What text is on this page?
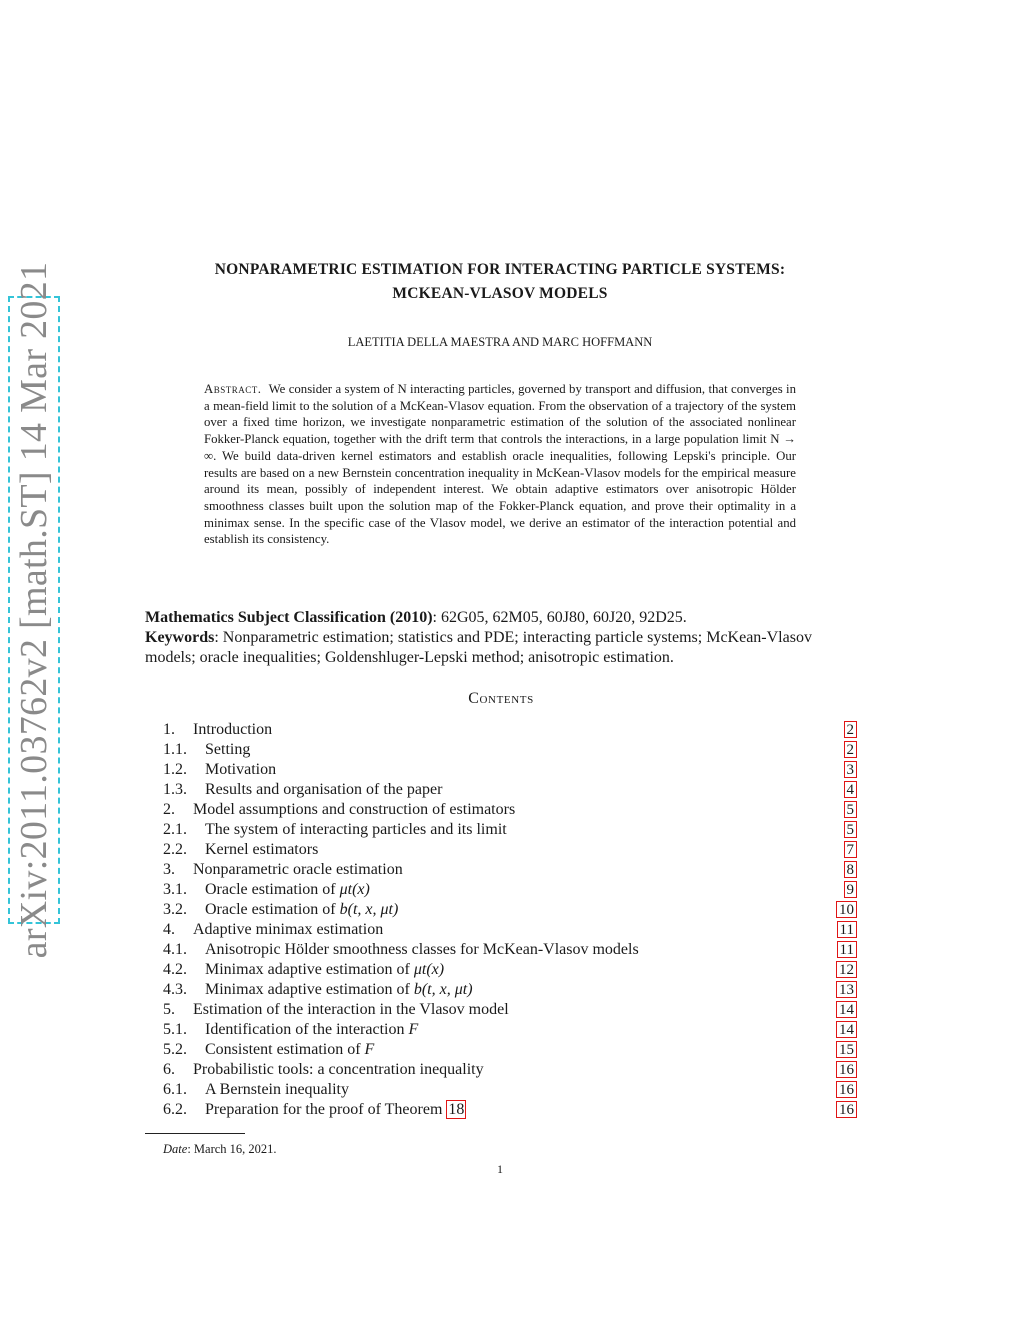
arXiv:2011.03762v2 [math.ST] 14 Mar 2021	NONPARAMETRIC ESTIMATION FOR INTERACTING PARTICLE SYSTEMS:
MCKEAN-VLASOV MODELS
LAETITIA DELLA MAESTRA AND MARC HOFFMANN
Abstract. We consider a system of N interacting particles, governed by transport and diffusion, that converges in a mean-field limit to the solution of a McKean-Vlasov equation. From the observation of a trajectory of the system over a fixed time horizon, we investigate nonparametric estimation of the solution of the associated nonlinear Fokker-Planck equation, together with the drift term that controls the interactions, in a large population limit N → ∞. We build data-driven kernel estimators and establish oracle inequalities, following Lepski's principle. Our results are based on a new Bernstein concentration inequality in McKean-Vlasov models for the empirical measure around its mean, possibly of independent interest. We obtain adaptive estimators over anisotropic Hölder smoothness classes built upon the solution map of the Fokker-Planck equation, and prove their optimality in a minimax sense. In the specific case of the Vlasov model, we derive an estimator of the interaction potential and establish its consistency.

Mathematics Subject Classification (2010): 62G05, 62M05, 60J80, 60J20, 92D25.

Keywords: Nonparametric estimation; statistics and PDE; interacting particle systems; McKean-Vlasov models; oracle inequalities; Goldenshluger-Lepski method; anisotropic estimation.

Contents
1. Introduction	2
1.1. Setting	2
1.2. Motivation	3
1.3. Results and organisation of the paper	4
2. Model assumptions and construction of estimators	5
2.1. The system of interacting particles and its limit	5
2.2. Kernel estimators	7
3. Nonparametric oracle estimation	8
3.1. Oracle estimation of μt(x)	9
3.2. Oracle estimation of b(t, x, μt)	10
4. Adaptive minimax estimation	11
4.1. Anisotropic Hölder smoothness classes for McKean-Vlasov models	11
4.2. Minimax adaptive estimation of μt(x)	12
4.3. Minimax adaptive estimation of b(t, x, μt)	13
5. Estimation of the interaction in the Vlasov model	14
5.1. Identification of the interaction F	14
5.2. Consistent estimation of F	15
6. Probabilistic tools: a concentration inequality	16
6.1. A Bernstein inequality	16
6.2. Preparation for the proof of Theorem 18	16
Date: March 16, 2021.
1
